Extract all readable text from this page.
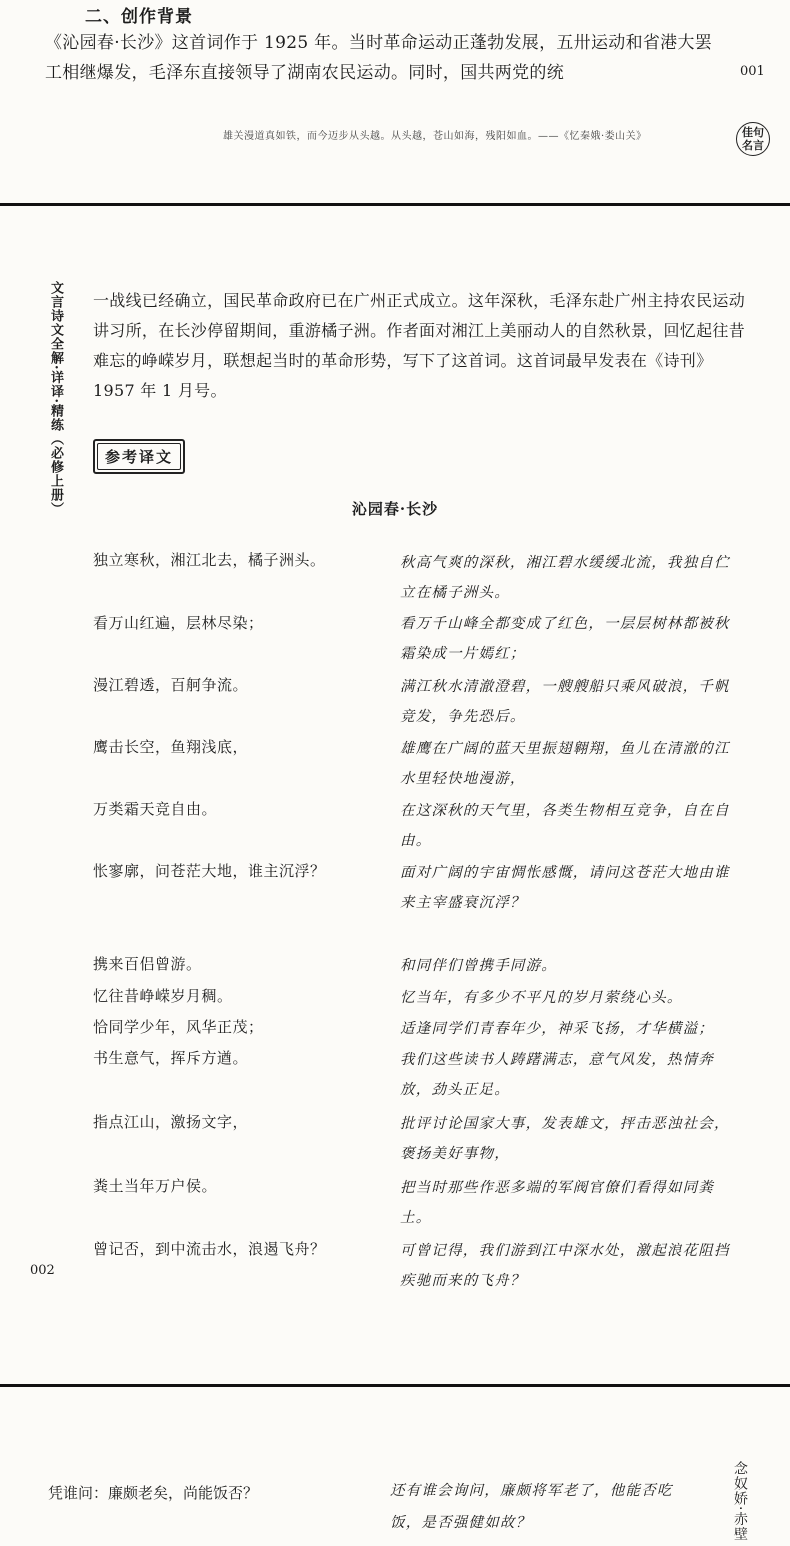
二、创作背景

《沁园春·长沙》这首词作于 1925 年。当时革命运动正蓬勃发展，五卅运动和省港大罢工相继爆发，毛泽东直接领导了湖南农民运动。同时，国共两党的统	001
雄关漫道真如铁，而今迈步从头越。从头越，苍山如海，残阳如血。——《忆秦娥·娄山关》	佳句
名言
文言诗文全解·详译·精练（必修上册） 一战线已经确立，国民革命政府已在广州正式成立。这年深秋，毛泽东赴广州主持农民运动讲习所，在长沙停留期间，重游橘子洲。作者面对湘江上美丽动人的自然秋景，回忆起往昔难忘的峥嵘岁月，联想起当时的革命形势，写下了这首词。这首词最早发表在《诗刊》1957 年 1 月号。

参考译文
沁园春·长沙
独立寒秋，湘江北去，橘子洲头。	秋高气爽的深秋，湘江碧水缓缓北流，我独自伫立在橘子洲头。
看万山红遍，层林尽染；	看万千山峰全都变成了红色，一层层树林都被秋霜染成一片嫣红；
漫江碧透，百舸争流。	满江秋水清澈澄碧，一艘艘船只乘风破浪，千帆竞发，争先恐后。
鹰击长空，鱼翔浅底，	雄鹰在广阔的蓝天里振翅翱翔，鱼儿在清澈的江水里轻快地漫游，
万类霜天竞自由。	在这深秋的天气里，各类生物相互竞争，自在自由。
怅寥廓，问苍茫大地，谁主沉浮？	面对广阔的宇宙惆怅感慨，请问这苍茫大地由谁来主宰盛衰沉浮？
携来百侣曾游。	和同伴们曾携手同游。
忆往昔峥嵘岁月稠。	忆当年，有多少不平凡的岁月萦绕心头。
恰同学少年，风华正茂；	适逢同学们青春年少，神采飞扬，才华横溢；
书生意气，挥斥方遒。	我们这些读书人踌躇满志，意气风发，热情奔放，劲头正足。
指点江山，激扬文字，	批评讨论国家大事，发表雄文，抨击恶浊社会，褒扬美好事物，
粪土当年万户侯。	把当时那些作恶多端的军阀官僚们看得如同粪土。
曾记否，到中流击水，浪遏飞舟？	可曾记得，我们游到江中深水处，激起浪花阻挡疾驰而来的飞舟？
002
凭谁问：廉颇老矣，尚能饭否？	还有谁会询问，廉颇将军老了，他能否吃饭，是否强健如故？	念奴娇·赤壁
